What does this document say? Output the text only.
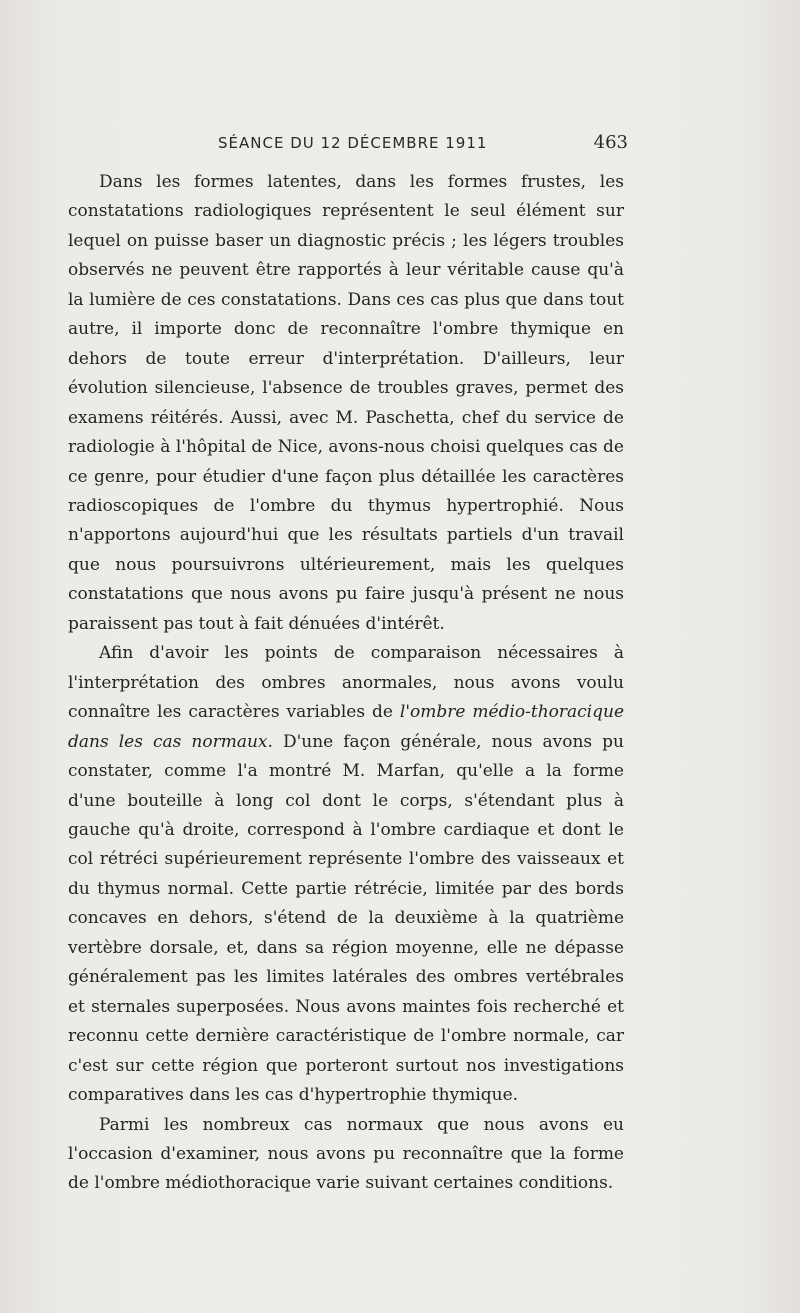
SÉANCE DU 12 DÉCEMBRE 1911	463

Dans les formes latentes, dans les formes frustes, les constatations radiologiques représentent le seul élément sur lequel on puisse baser un diagnostic précis ; les légers troubles observés ne peuvent être rapportés à leur véritable cause qu'à la lumière de ces constatations. Dans ces cas plus que dans tout autre, il importe donc de reconnaître l'ombre thymique en dehors de toute erreur d'interprétation. D'ailleurs, leur évolution silencieuse, l'absence de troubles graves, permet des examens réitérés. Aussi, avec M. Paschetta, chef du service de radiologie à l'hôpital de Nice, avons-nous choisi quelques cas de ce genre, pour étudier d'une façon plus détaillée les caractères radioscopiques de l'ombre du thymus hypertrophié. Nous n'apportons aujourd'hui que les résultats partiels d'un travail que nous poursuivrons ultérieurement, mais les quelques constatations que nous avons pu faire jusqu'à présent ne nous paraissent pas tout à fait dénuées d'intérêt.

Afin d'avoir les points de comparaison nécessaires à l'interprétation des ombres anormales, nous avons voulu connaître les caractères variables de l'ombre médio-thoracique dans les cas normaux. D'une façon générale, nous avons pu constater, comme l'a montré M. Marfan, qu'elle a la forme d'une bouteille à long col dont le corps, s'étendant plus à gauche qu'à droite, correspond à l'ombre cardiaque et dont le col rétréci supérieurement représente l'ombre des vaisseaux et du thymus normal. Cette partie rétrécie, limitée par des bords concaves en dehors, s'étend de la deuxième à la quatrième vertèbre dorsale, et, dans sa région moyenne, elle ne dépasse généralement pas les limites latérales des ombres vertébrales et sternales superposées. Nous avons maintes fois recherché et reconnu cette dernière caractéristique de l'ombre normale, car c'est sur cette région que porteront surtout nos investigations comparatives dans les cas d'hypertrophie thymique.

Parmi les nombreux cas normaux que nous avons eu l'occasion d'examiner, nous avons pu reconnaître que la forme de l'ombre médiothoracique varie suivant certaines conditions.
